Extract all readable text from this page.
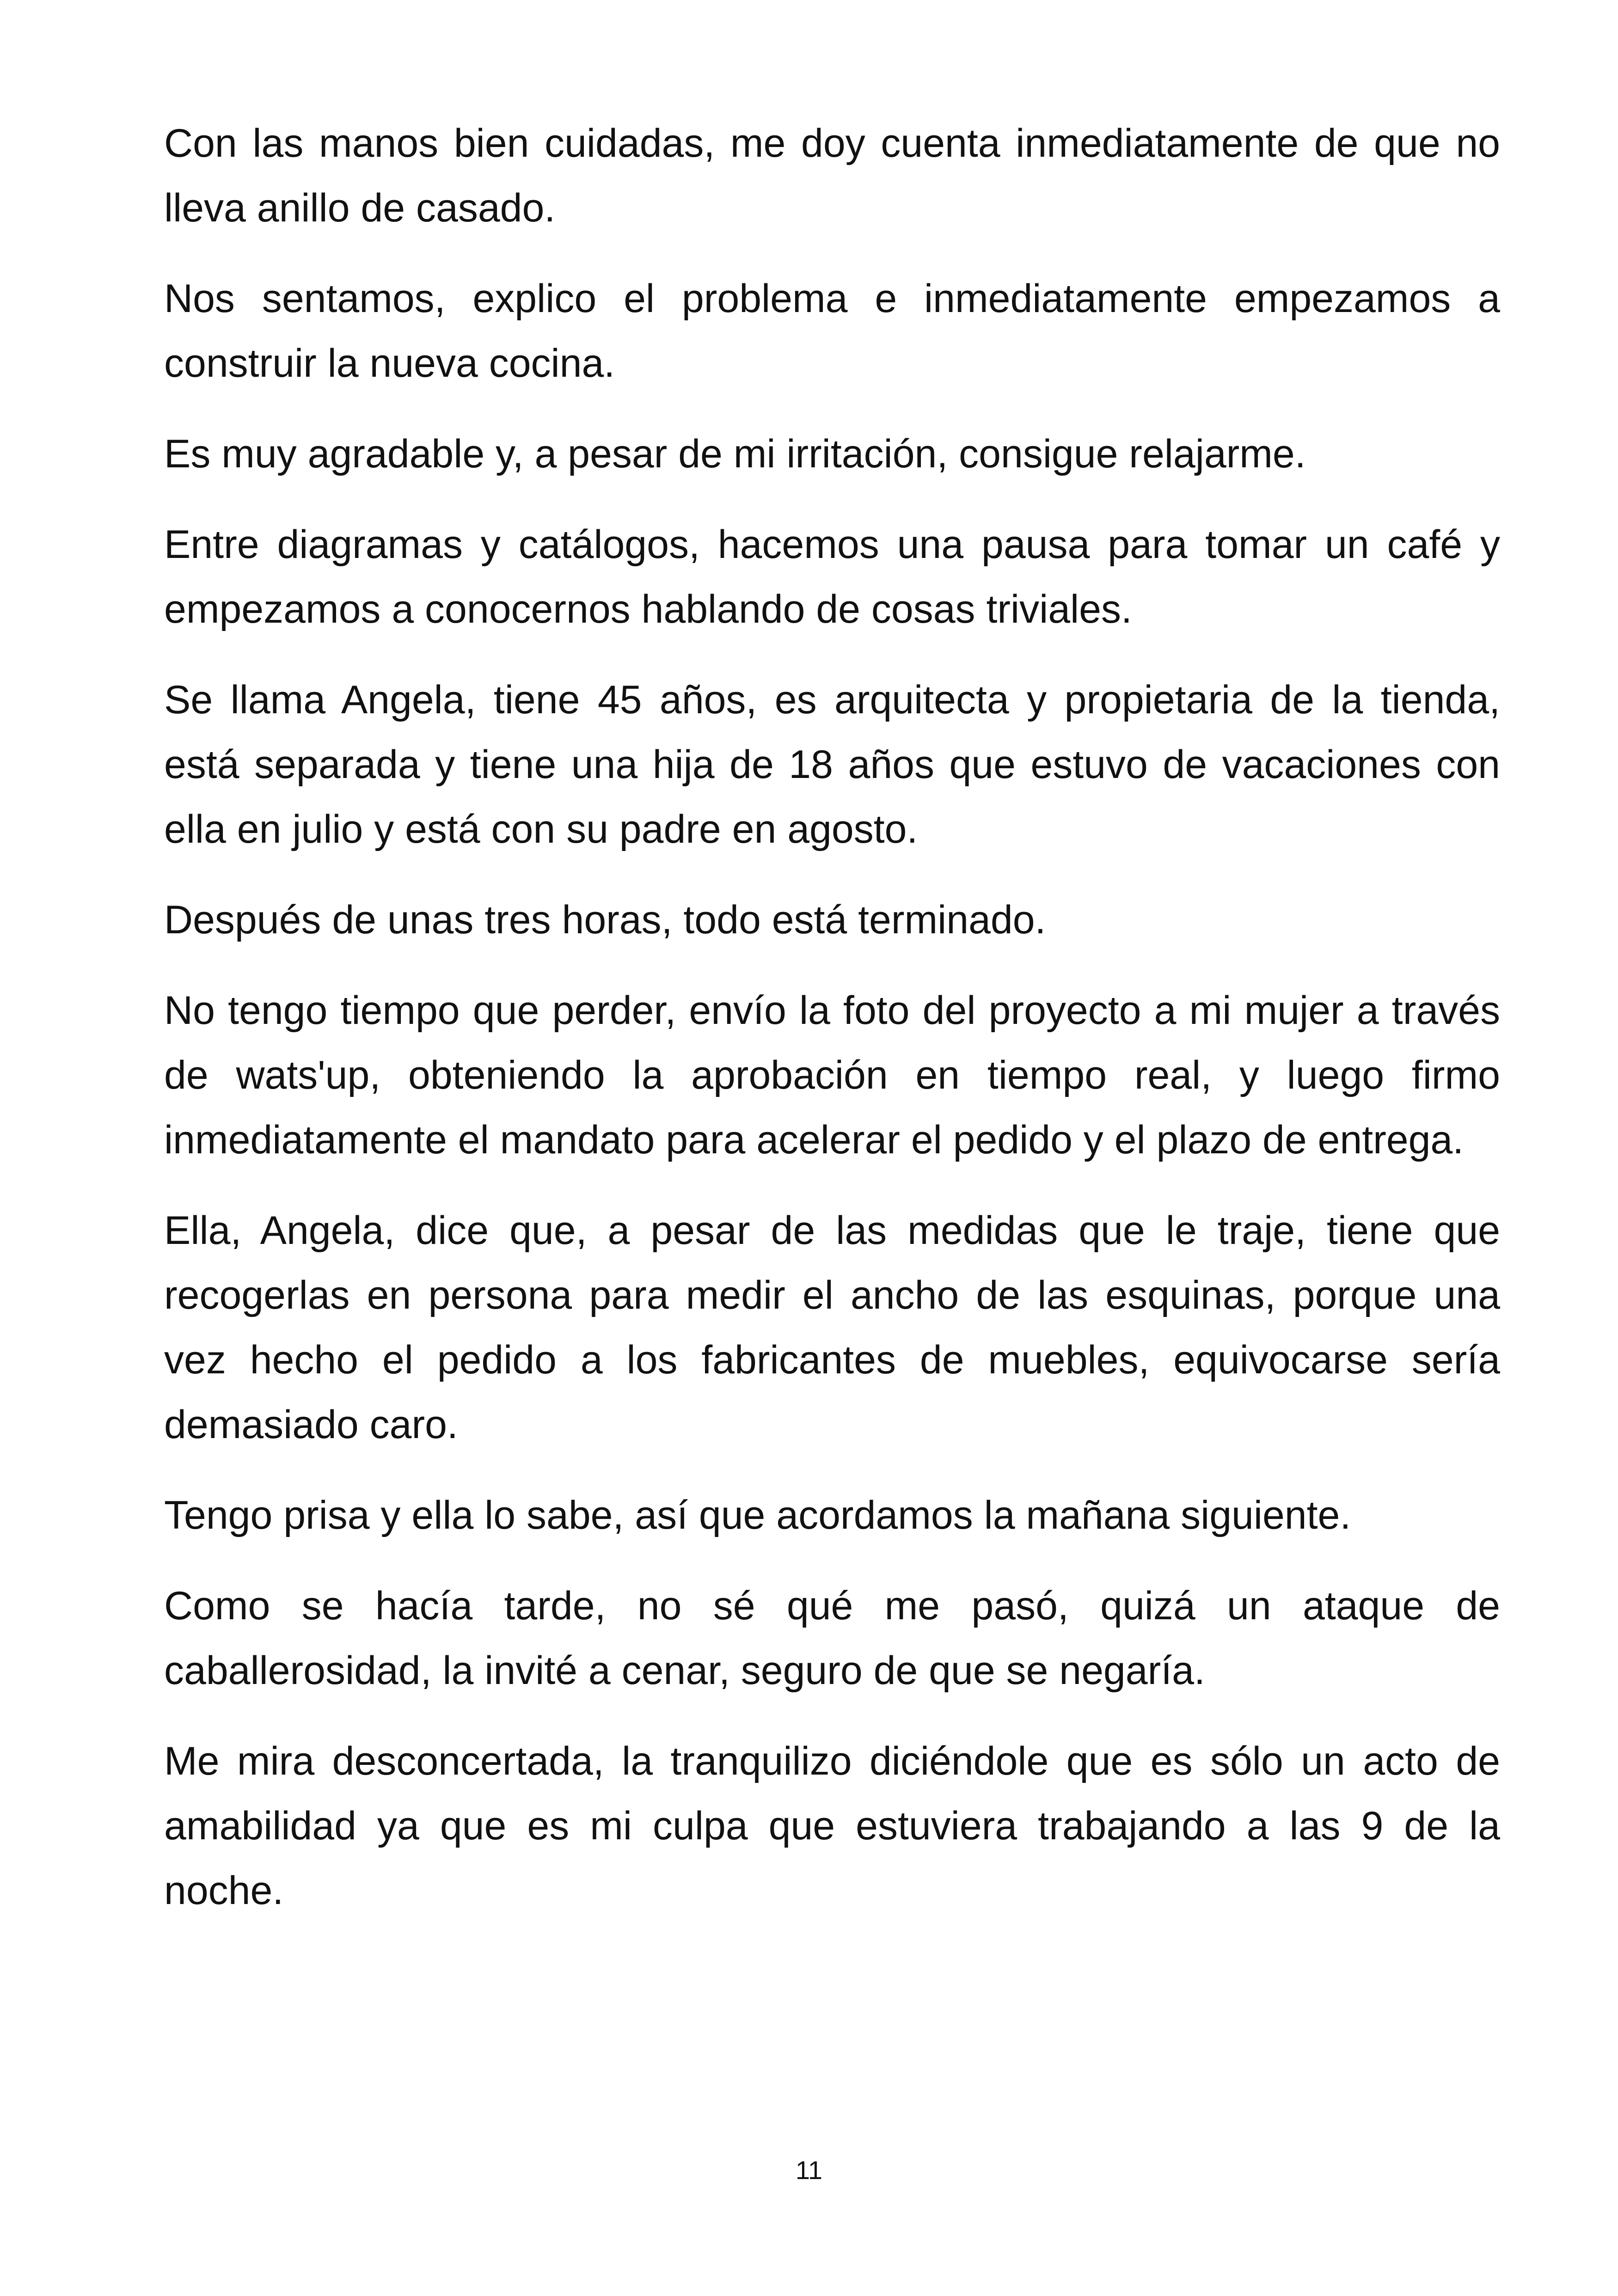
Con las manos bien cuidadas, me doy cuenta inmediatamente de que no lleva anillo de casado.

Nos sentamos, explico el problema e inmediatamente empezamos a construir la nueva cocina.

Es muy agradable y, a pesar de mi irritación, consigue relajarme.

Entre diagramas y catálogos, hacemos una pausa para tomar un café y empezamos a conocernos hablando de cosas triviales.

Se llama Angela, tiene 45 años, es arquitecta y propietaria de la tienda, está separada y tiene una hija de 18 años que estuvo de vacaciones con ella en julio y está con su padre en agosto.

Después de unas tres horas, todo está terminado.

No tengo tiempo que perder, envío la foto del proyecto a mi mujer a través de wats'up, obteniendo la aprobación en tiempo real, y luego firmo inmediatamente el mandato para acelerar el pedido y el plazo de entrega.

Ella, Angela, dice que, a pesar de las medidas que le traje, tiene que recogerlas en persona para medir el ancho de las esquinas, porque una vez hecho el pedido a los fabricantes de muebles, equivocarse sería demasiado caro.

Tengo prisa y ella lo sabe, así que acordamos la mañana siguiente.

Como se hacía tarde, no sé qué me pasó, quizá un ataque de caballerosidad, la invité a cenar, seguro de que se negaría.

Me mira desconcertada, la tranquilizo diciéndole que es sólo un acto de amabilidad ya que es mi culpa que estuviera trabajando a las 9 de la noche.

11
